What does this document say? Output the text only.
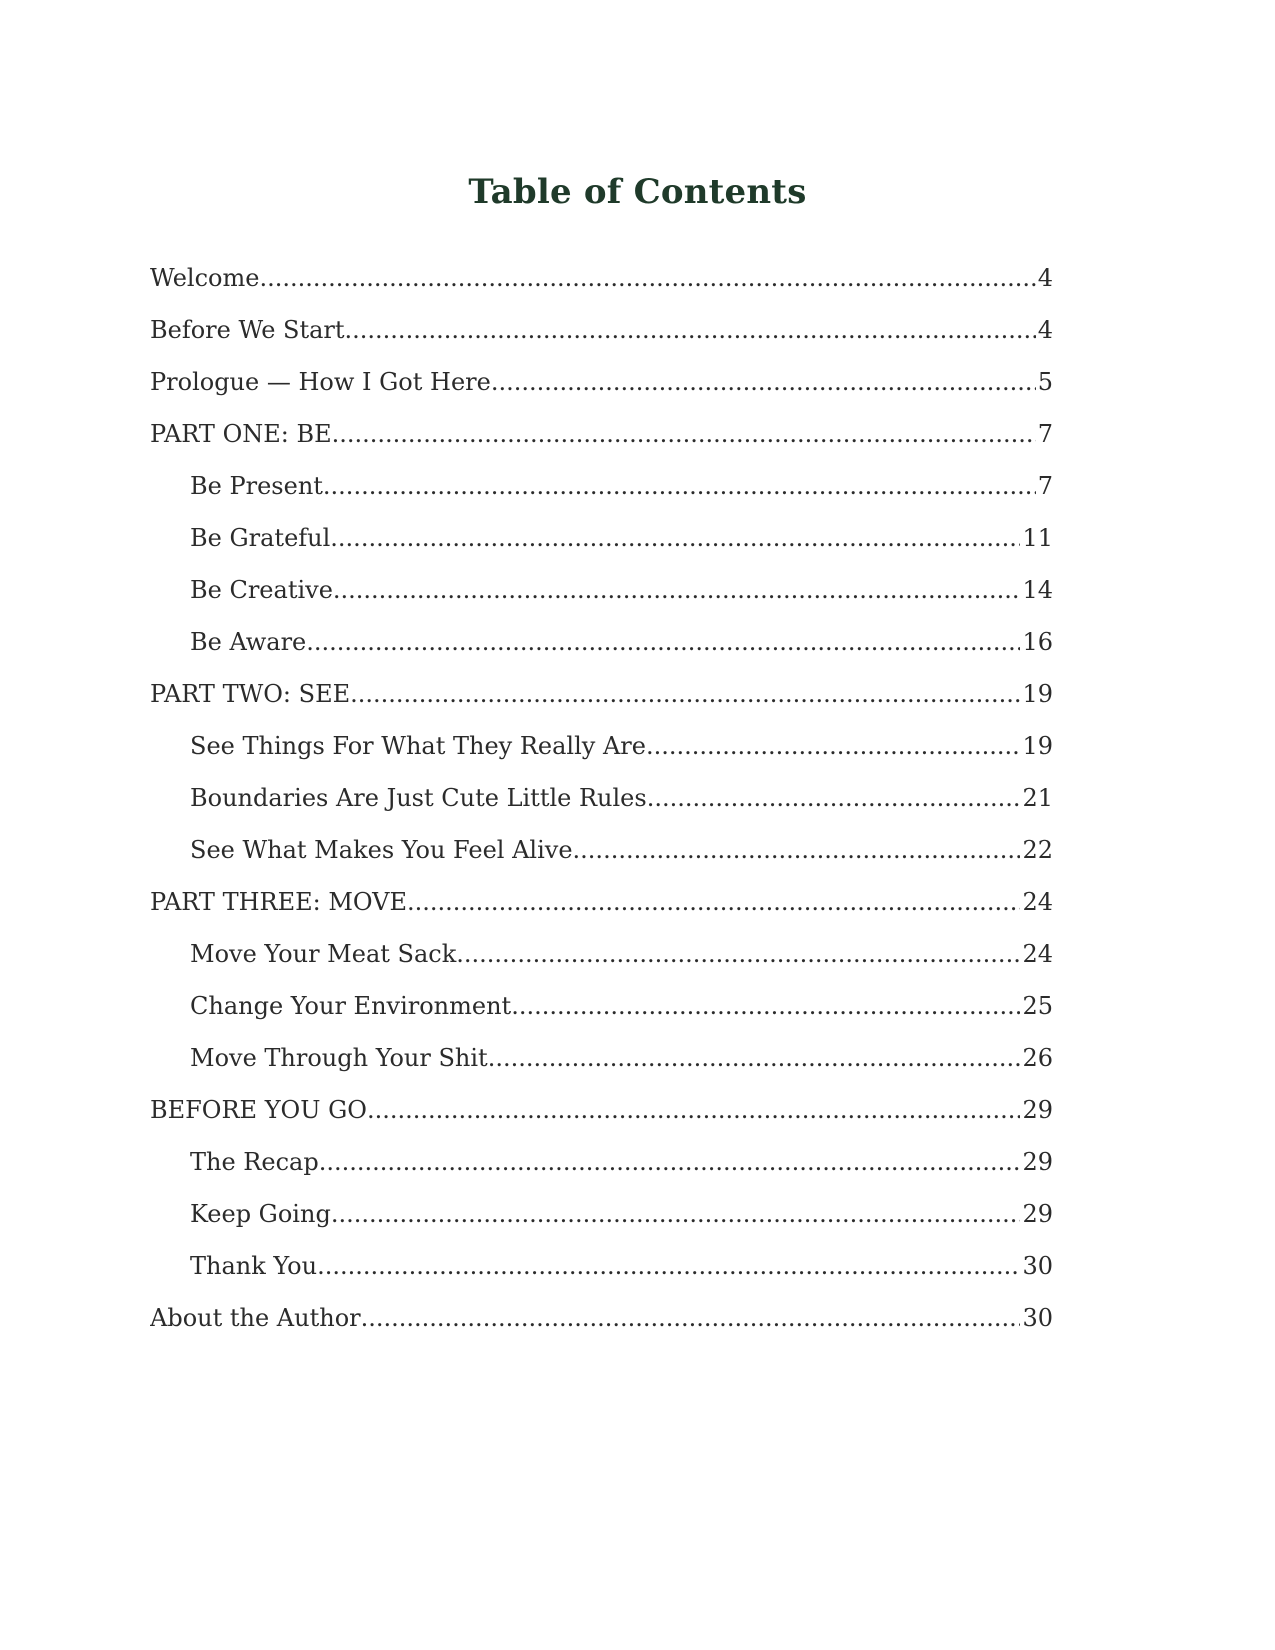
Table of Contents
Welcome .....	4
Before We Start .....	4
Prologue — How I Got Here .....	5
PART ONE: BE .....	7
Be Present .....	7
Be Grateful .....	11
Be Creative .....	14
Be Aware .....	16
PART TWO: SEE .....	19
See Things For What They Really Are .....	19
Boundaries Are Just Cute Little Rules .....	21
See What Makes You Feel Alive .....	22
PART THREE: MOVE .....	24
Move Your Meat Sack .....	24
Change Your Environment .....	25
Move Through Your Shit .....	26
BEFORE YOU GO .....	29
The Recap .....	29
Keep Going .....	29
Thank You .....	30
About the Author .....	30
